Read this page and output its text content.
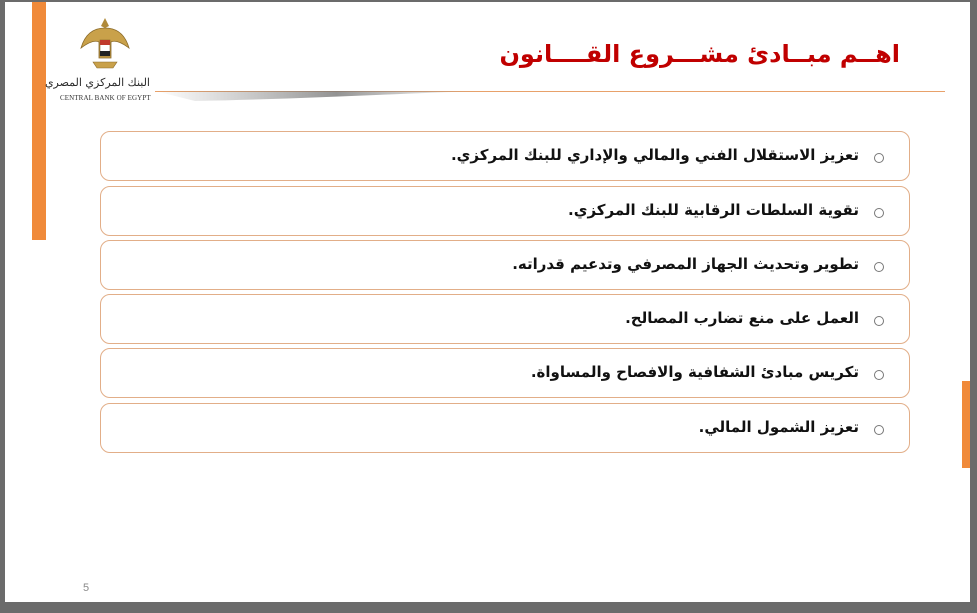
البنك المركزي المصري
CENTRAL BANK OF EGYPT
اهــم مبــادئ مشـــروع القــــانون
تعزيز الاستقلال الفني والمالي والإداري للبنك المركزي.
تقوية السلطات الرقابية للبنك المركزي.
تطوير وتحديث الجهاز المصرفي وتدعيم قدراته.
العمل على منع تضارب المصالح.
تكريس مبادئ الشفافية والافصاح والمساواة.
تعزيز الشمول المالي.
5
